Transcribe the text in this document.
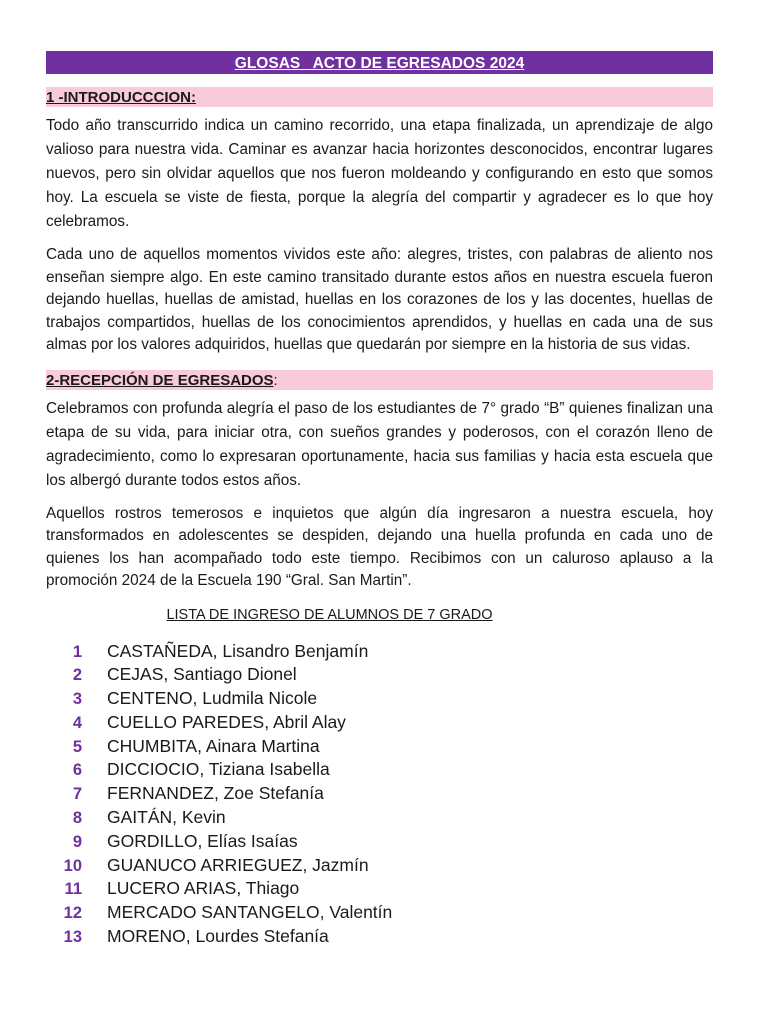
GLOSAS   ACTO DE EGRESADOS 2024
1 -INTRODUCCCION:

Todo año transcurrido indica un camino recorrido, una etapa finalizada, un aprendizaje de algo valioso para nuestra vida. Caminar es avanzar hacia horizontes desconocidos, encontrar lugares nuevos, pero sin olvidar aquellos que nos fueron moldeando y configurando en esto que somos hoy. La escuela se viste de fiesta, porque la alegría del compartir y agradecer es lo que hoy celebramos.

Cada uno de aquellos momentos vividos este año: alegres, tristes, con palabras de aliento nos enseñan siempre algo. En este camino transitado durante estos años en nuestra escuela fueron dejando huellas, huellas de amistad, huellas en los corazones de los y las docentes, huellas de trabajos compartidos, huellas de los conocimientos aprendidos, y huellas en cada una de sus almas por los valores adquiridos, huellas que quedarán por siempre en la historia de sus vidas.

2-RECEPCIÓN DE EGRESADOS:

Celebramos con profunda alegría el paso de los estudiantes de 7° grado “B” quienes finalizan una etapa de su vida, para iniciar otra, con sueños grandes y poderosos, con el corazón lleno de agradecimiento, como lo expresaran oportunamente, hacia sus familias y hacia esta escuela que los albergó durante todos estos años.

Aquellos rostros temerosos e inquietos que algún día ingresaron a nuestra escuela, hoy transformados en adolescentes se despiden, dejando una huella profunda en cada uno de quienes los han acompañado todo este tiempo. Recibimos con un caluroso aplauso a la promoción 2024 de la Escuela 190 “Gral. San Martin”.

LISTA DE INGRESO DE ALUMNOS DE 7 GRADO
1 CASTAÑEDA, Lisandro Benjamín
2 CEJAS, Santiago Dionel
3 CENTENO, Ludmila Nicole
4 CUELLO PAREDES, Abril Alay
5 CHUMBITA, Ainara Martina
6 DICCIOCIO, Tiziana Isabella
7 FERNANDEZ, Zoe Stefanía
8 GAITÁN, Kevin
9 GORDILLO, Elías Isaías
10 GUANUCO ARRIEGUEZ, Jazmín
11 LUCERO ARIAS, Thiago
12 MERCADO SANTANGELO, Valentín
13 MORENO, Lourdes Stefanía
